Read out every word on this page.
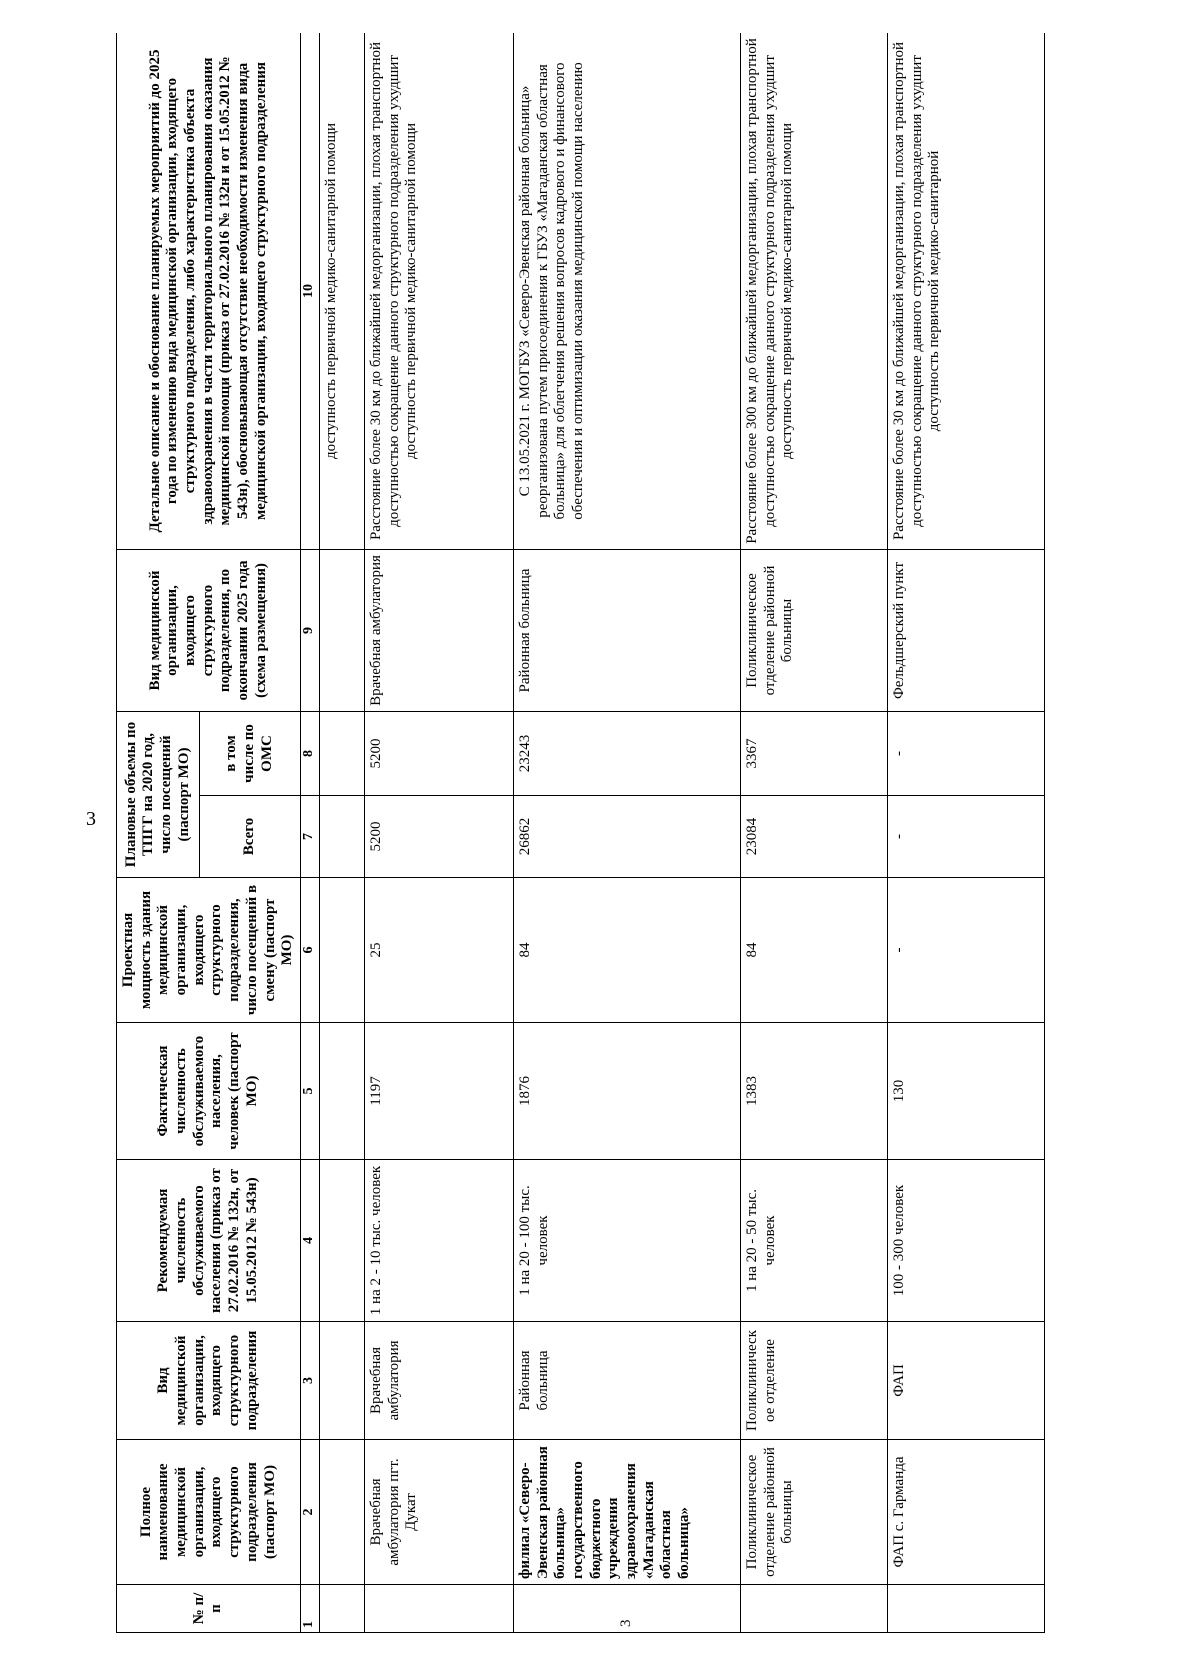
3
№ п/п	Полное наименование медицинской организации, входящего структурного подразделения (паспорт МО)	Вид медицинской организации, входящего структурного подразделения	Рекомендуемая численность обслуживаемого населения (приказ от 27.02.2016 № 132н, от 15.05.2012 № 543н)	Фактическая численность обслуживаемого населения, человек (паспорт МО)	Проектная мощность здания медицинской организации, входящего структурного подразделения, число посещений в смену (паспорт МО)	Плановые объемы по ТПГГ на 2020 год, число посещений (паспорт МО)		Вид медицинской организации, входящего структурного подразделения, по окончании 2025 года (схема размещения)	Детальное описание и обоснование планируемых мероприятий до 2025 года по изменению вида медицинской организации, входящего структурного подразделения, либо характеристика объекта здравоохранения в части территориального планирования оказания медицинской помощи (приказ от 27.02.2016 № 132н и от 15.05.2012 № 543н), обосновывающая отсутствие необходимости изменения вида медицинской организации, входящего структурного подразделения
						Всего	в том числе по ОМС		
1	2	3	4	5	6	7	8	9	10
									доступность первичной медико-санитарной помощи
	Врачебная амбулатория пгт. Дукат	Врачебная амбулатория	1 на 2 - 10 тыс. человек	1197	25	5200	5200	Врачебная амбулатория	Расстояние более 30 км до ближайшей медорганизации, плохая транспортной доступностью сокращение данного структурного подразделения ухудшит доступность первичной медико-санитарной помощи
3	филиал «Северо-Эвенская районная больница» государственного бюджетного учреждения здравоохранения «Магаданская областная больница»	Районная больница	1 на 20 - 100 тыс. человек	1876	84	26862	23243	Районная больница	С 13.05.2021 г. МОГБУЗ «Северо-Эвенская районная больница» реорганизована путем присоединения к ГБУЗ «Магаданская областная больница» для облегчения решения вопросов кадрового и финансового обеспечения и оптимизации оказания медицинской помощи населению
	Поликлиническое отделение районной больницы	Поликлиническ ое отделение	1 на 20 - 50 тыс. человек	1383	84	23084	3367	Поликлиническое отделение районной больницы	Расстояние более 300 км до ближайшей медорганизации, плохая транспортной доступностью сокращение данного структурного подразделения ухудшит доступность первичной медико-санитарной помощи
	ФАП с. Гарманда	ФАП	100 - 300 человек	130	-	-	-	Фельдшерский пункт	Расстояние более 30 км до ближайшей медорганизации, плохая транспортной доступностью сокращение данного структурного подразделения ухудшит доступность первичной медико-санитарной
